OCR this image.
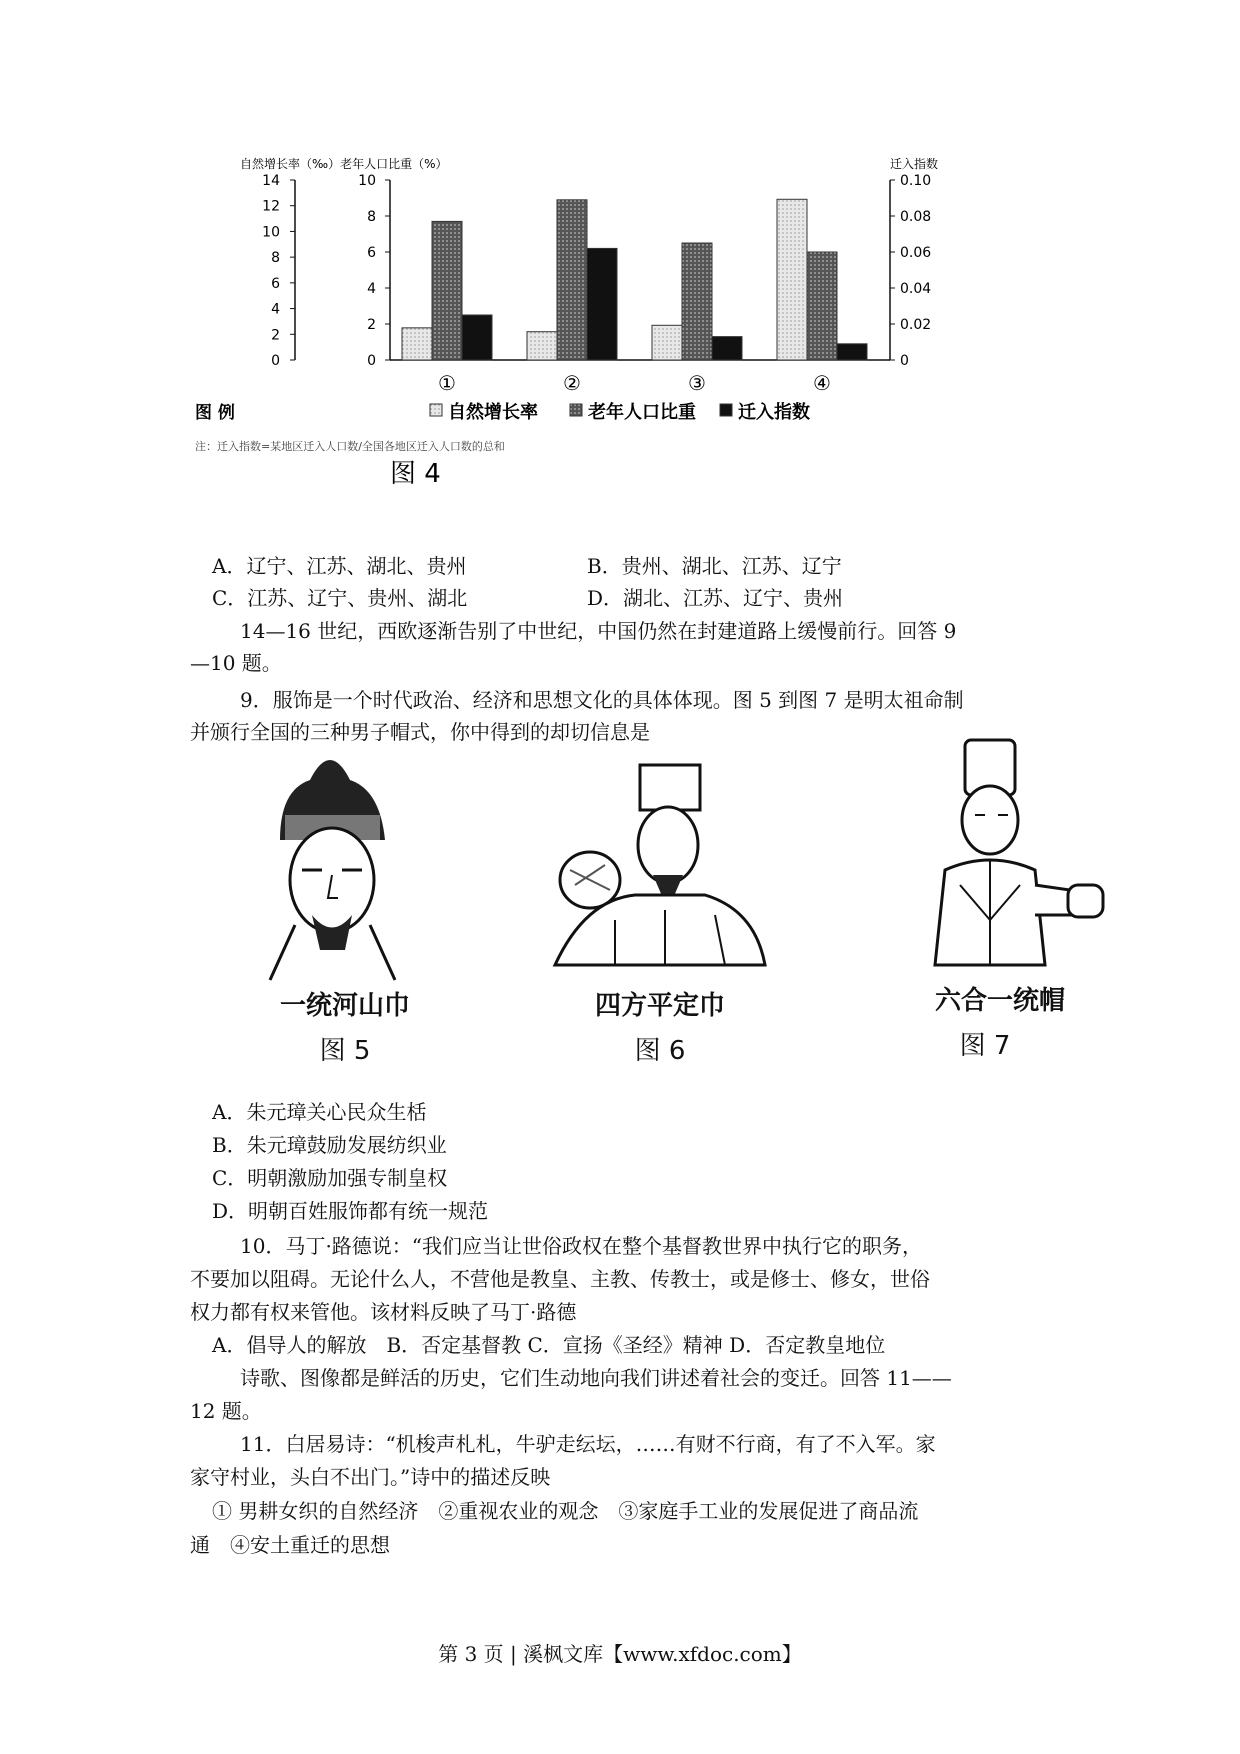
自然增长率（‰）老年人口比重（%）	迁入指数
14
12
10
8
6
4
2
0
10
8
6
4
2
0
0.10
0.08
0.06
0.04
0.02
0
①	②	③	④
图 例	自然增长率	老年人口比重 迁入指数
注：迁入指数=某地区迁入人口数/全国各地区迁入人口数的总和
图 4
A．辽宁、江苏、湖北、贵州	B．贵州、湖北、江苏、辽宁
C．江苏、辽宁、贵州、湖北	D．湖北、江苏、辽宁、贵州
14—16 世纪，西欧逐渐告别了中世纪，中国仍然在封建道路上缓慢前行。回答 9
—10 题。
9．服饰是一个时代政治、经济和思想文化的具体体现。图 5 到图 7 是明太祖命制
并颁行全国的三种男子帽式，你中得到的却切信息是
一统河山巾
图 5
四方平定巾
图 6
六合一统帽
图 7
A．朱元璋关心民众生栝
B．朱元璋鼓励发展纺织业
C．明朝激励加强专制皇权
D．明朝百姓服饰都有统一规范
10．马丁·路德说：“我们应当让世俗政权在整个基督教世界中执行它的职务，
不要加以阻碍。无论什么人，不营他是教皇、主教、传教士，或是修士、修女，世俗
权力都有权来管他。该材料反映了马丁·路德
A．倡导人的解放　B．否定基督教 C．宣扬《圣经》精神 D．否定教皇地位
诗歌、图像都是鲜活的历史，它们生动地向我们讲述着社会的变迁。回答 11——
12 题。
11．白居易诗：“机梭声札札，牛驴走纭坛，……有财不行商，有了不入军。家
家守村业，头白不出门。”诗中的描述反映
① 男耕女织的自然经济　②重视农业的观念　③家庭手工业的发展促进了商品流
通　④安土重迁的思想
第 3 页 | 溪枫文库【www.xfdoc.com】
